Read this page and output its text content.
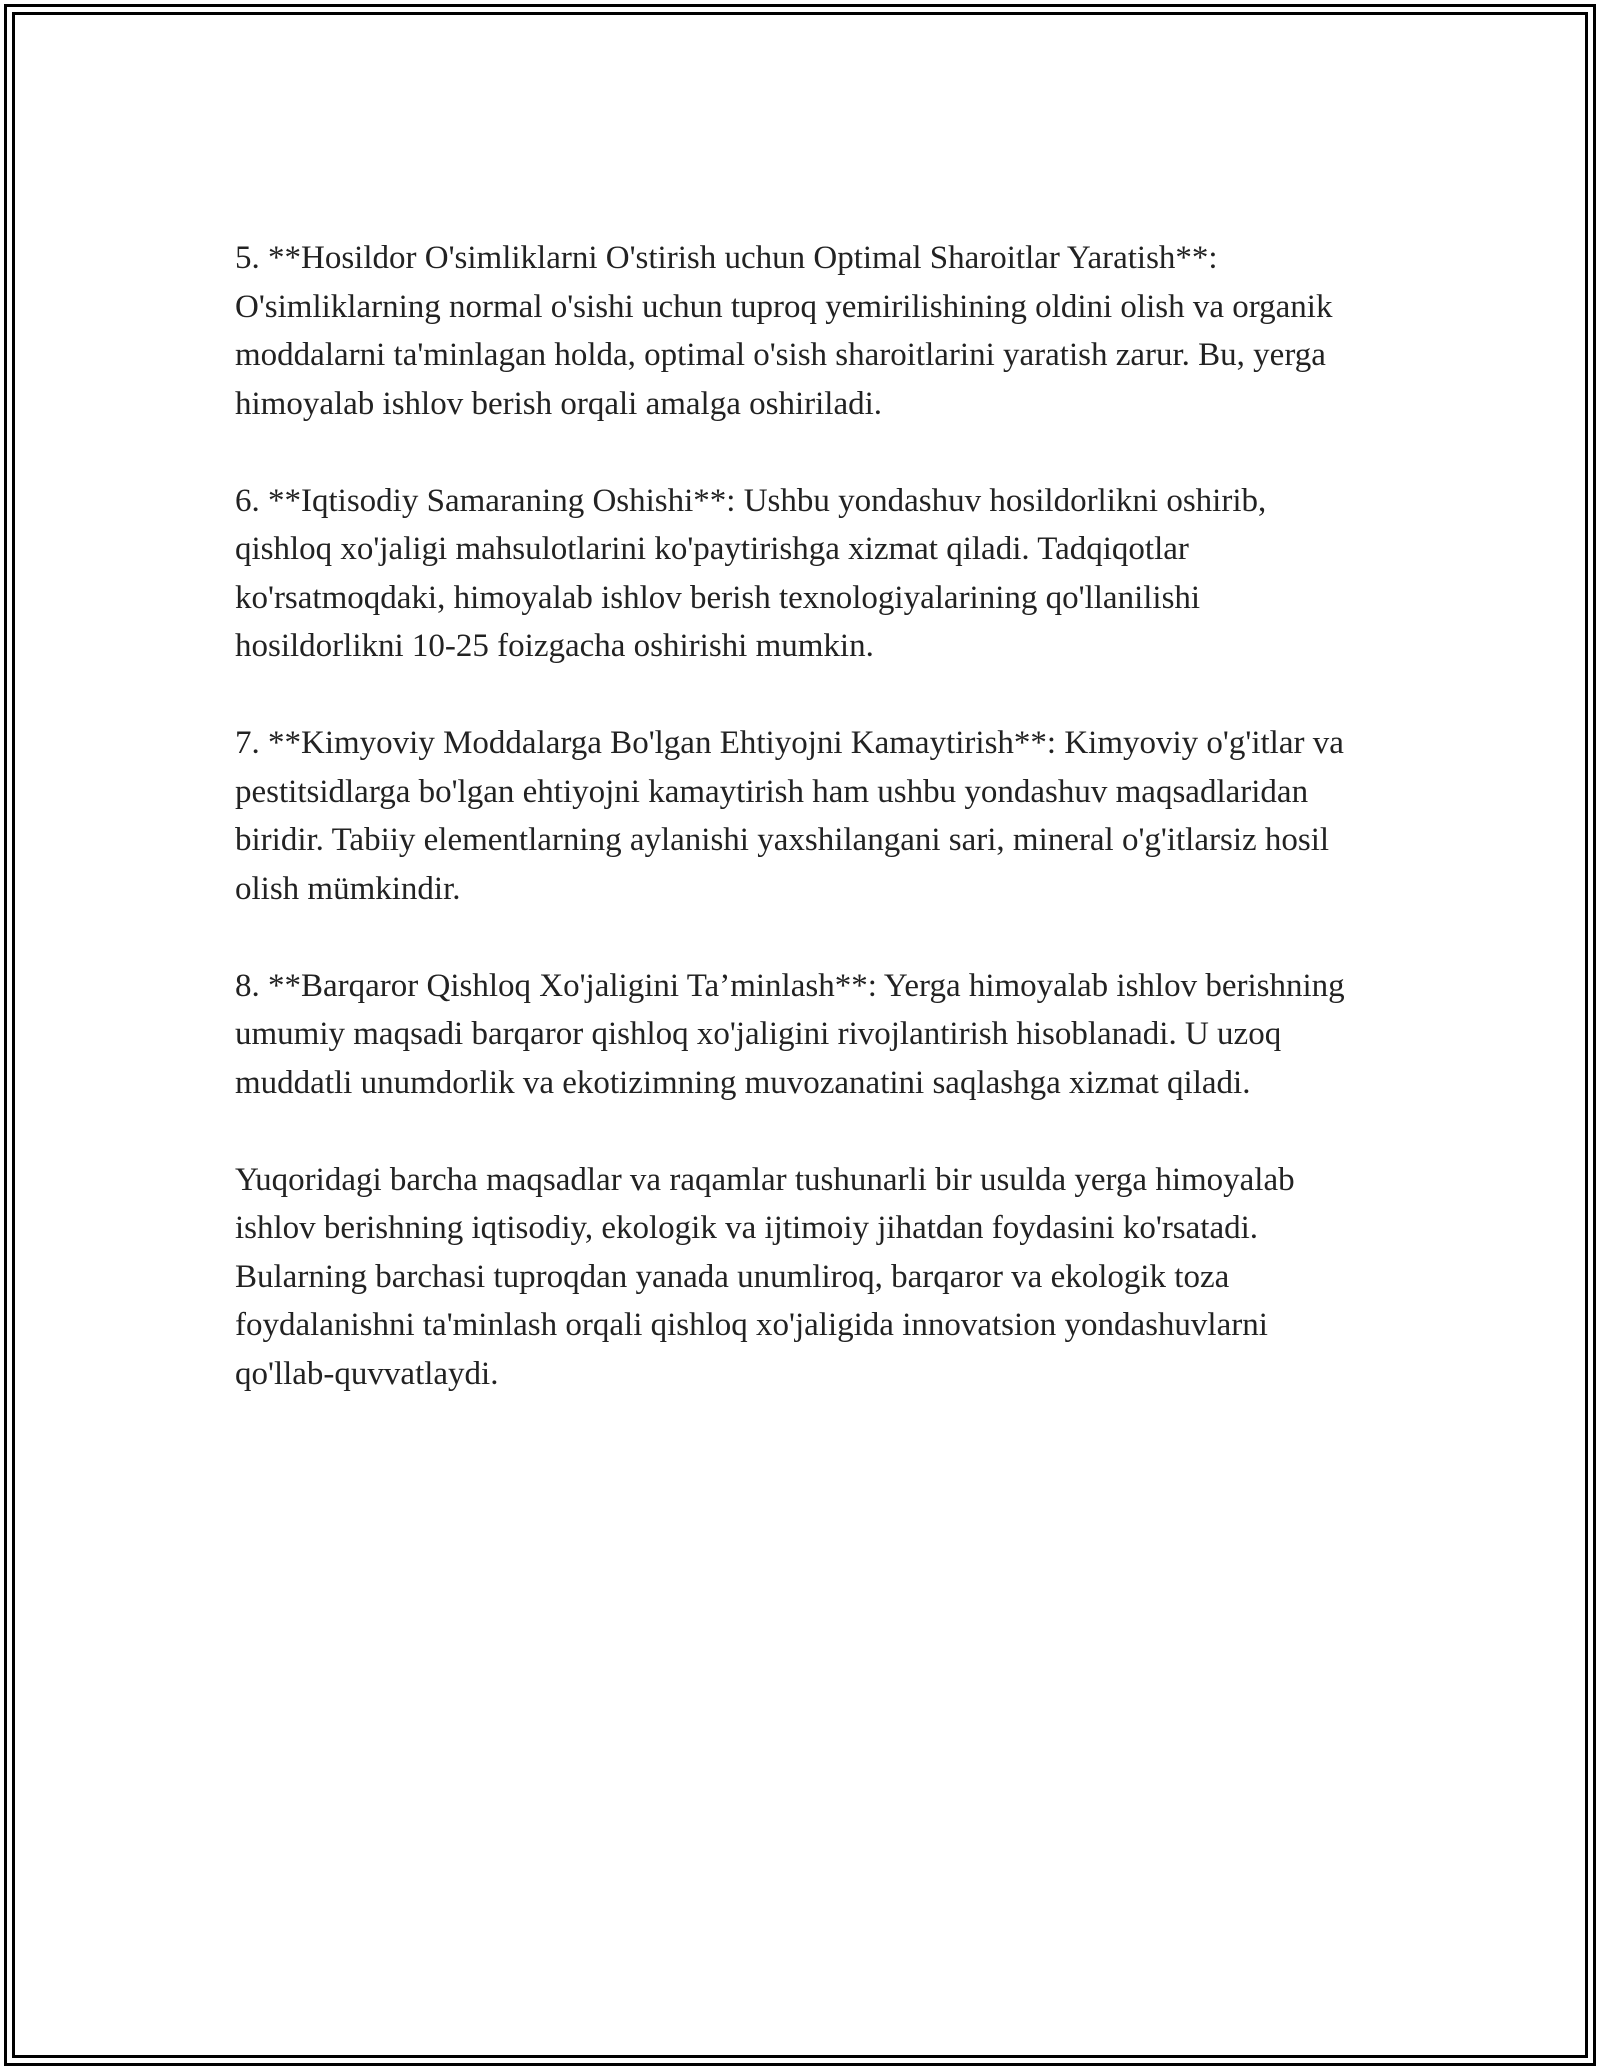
5. **Hosildor O'simliklarni O'stirish uchun Optimal Sharoitlar Yaratish**: O'simliklarning normal o'sishi uchun tuproq yemirilishining oldini olish va organik moddalarni ta'minlagan holda, optimal o'sish sharoitlarini yaratish zarur. Bu, yerga himoyalab ishlov berish orqali amalga oshiriladi.

6. **Iqtisodiy Samaraning Oshishi**: Ushbu yondashuv hosildorlikni oshirib, qishloq xo'jaligi mahsulotlarini ko'paytirishga xizmat qiladi. Tadqiqotlar ko'rsatmoqdaki, himoyalab ishlov berish texnologiyalarining qo'llanilishi hosildorlikni 10-25 foizgacha oshirishi mumkin.

7. **Kimyoviy Moddalarga Bo'lgan Ehtiyojni Kamaytirish**: Kimyoviy o'g'itlar va pestitsidlarga bo'lgan ehtiyojni kamaytirish ham ushbu yondashuv maqsadlaridan biridir. Tabiiy elementlarning aylanishi yaxshilangani sari, mineral o'g'itlarsiz hosil olish mümkindir.

8. **Barqaror Qishloq Xo'jaligini Ta’minlash**: Yerga himoyalab ishlov berishning umumiy maqsadi barqaror qishloq xo'jaligini rivojlantirish hisoblanadi. U uzoq muddatli unumdorlik va ekotizimning muvozanatini saqlashga xizmat qiladi.

Yuqoridagi barcha maqsadlar va raqamlar tushunarli bir usulda yerga himoyalab ishlov berishning iqtisodiy, ekologik va ijtimoiy jihatdan foydasini ko'rsatadi. Bularning barchasi tuproqdan yanada unumliroq, barqaror va ekologik toza foydalanishni ta'minlash orqali qishloq xo'jaligida innovatsion yondashuvlarni qo'llab-quvvatlaydi.
